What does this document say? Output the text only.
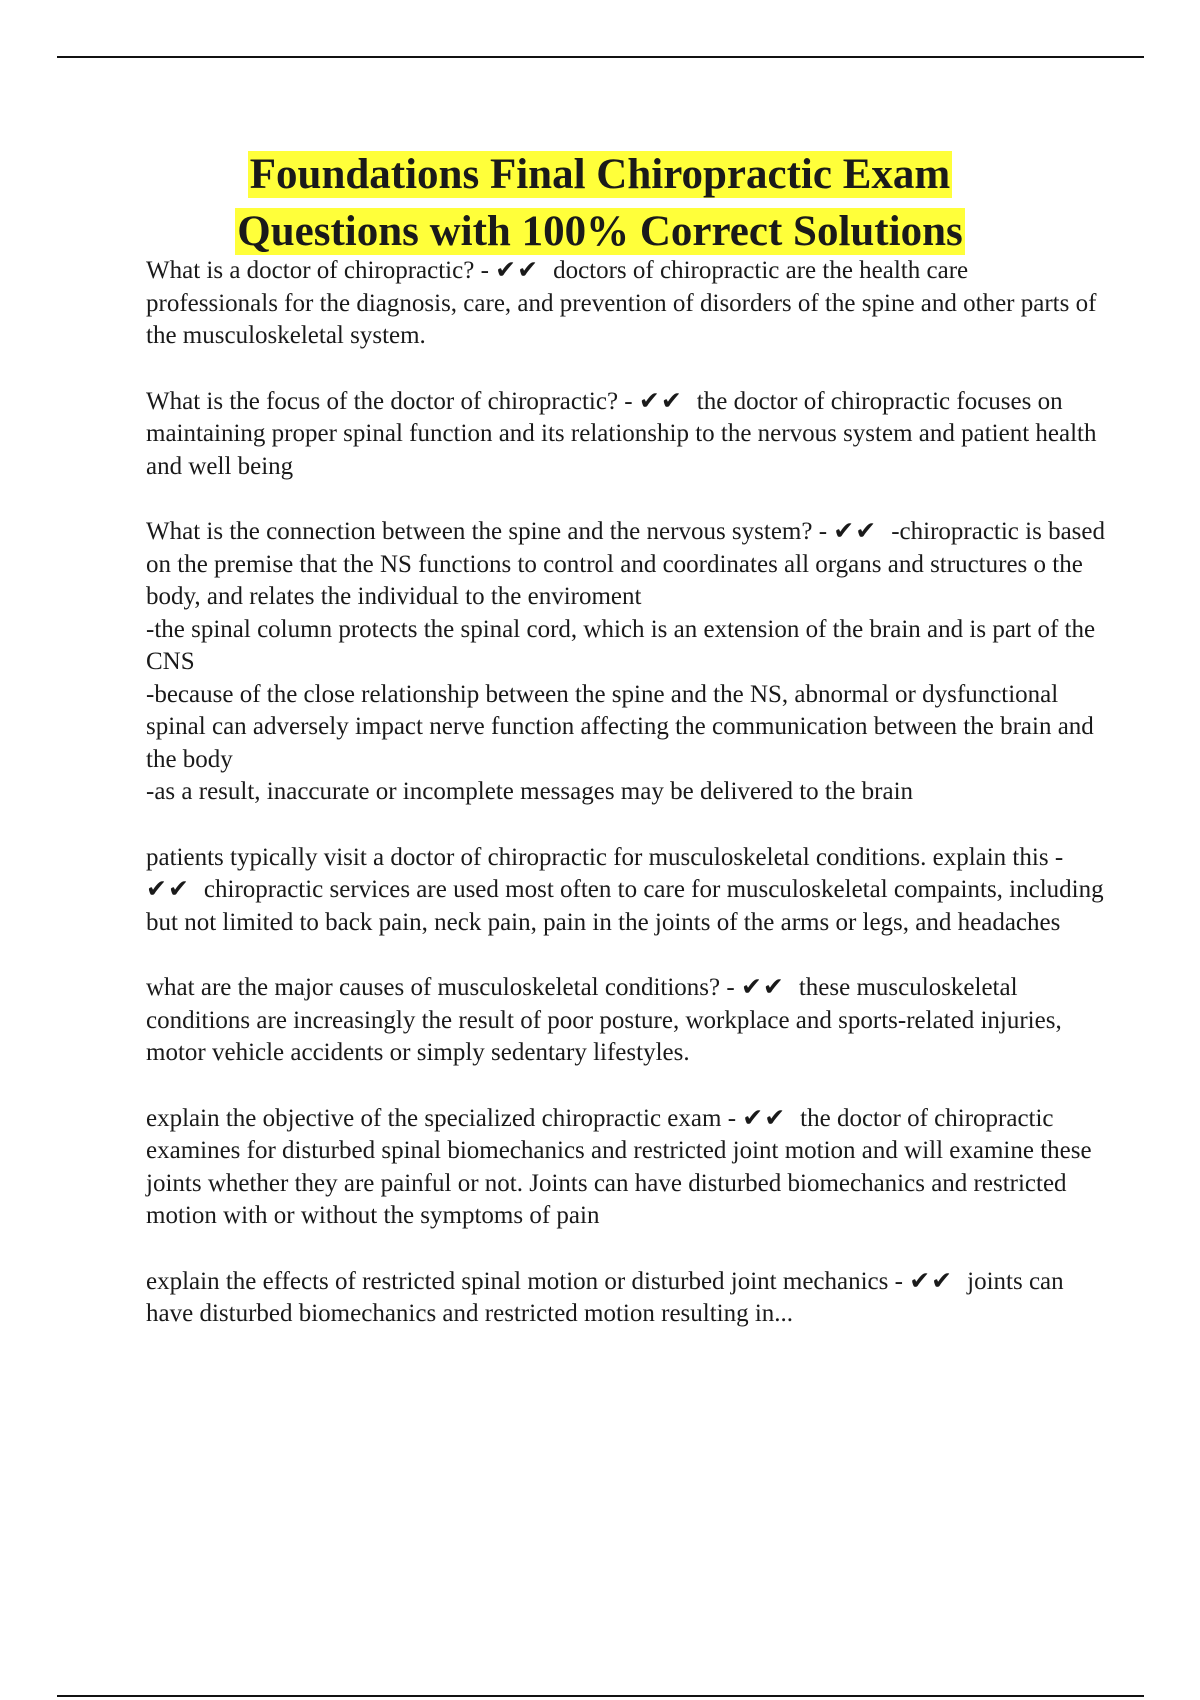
Foundations Final Chiropractic Exam
Questions with 100% Correct Solutions

What is a doctor of chiropractic? - ✔✔ doctors of chiropractic are the health care professionals for the diagnosis, care, and prevention of disorders of the spine and other parts of the musculoskeletal system.

What is the focus of the doctor of chiropractic? - ✔✔ the doctor of chiropractic focuses on maintaining proper spinal function and its relationship to the nervous system and patient health and well being

What is the connection between the spine and the nervous system? - ✔✔ -chiropractic is based on the premise that the NS functions to control and coordinates all organs and structures o the body, and relates the individual to the enviroment
-the spinal column protects the spinal cord, which is an extension of the brain and is part of the CNS
-because of the close relationship between the spine and the NS, abnormal or dysfunctional spinal can adversely impact nerve function affecting the communication between the brain and the body
-as a result, inaccurate or incomplete messages may be delivered to the brain

patients typically visit a doctor of chiropractic for musculoskeletal conditions. explain this - ✔✔ chiropractic services are used most often to care for musculoskeletal compaints, including but not limited to back pain, neck pain, pain in the joints of the arms or legs, and headaches

what are the major causes of musculoskeletal conditions? - ✔✔ these musculoskeletal conditions are increasingly the result of poor posture, workplace and sports-related injuries, motor vehicle accidents or simply sedentary lifestyles.

explain the objective of the specialized chiropractic exam - ✔✔ the doctor of chiropractic examines for disturbed spinal biomechanics and restricted joint motion and will examine these joints whether they are painful or not. Joints can have disturbed biomechanics and restricted motion with or without the symptoms of pain

explain the effects of restricted spinal motion or disturbed joint mechanics - ✔✔ joints can have disturbed biomechanics and restricted motion resulting in...
